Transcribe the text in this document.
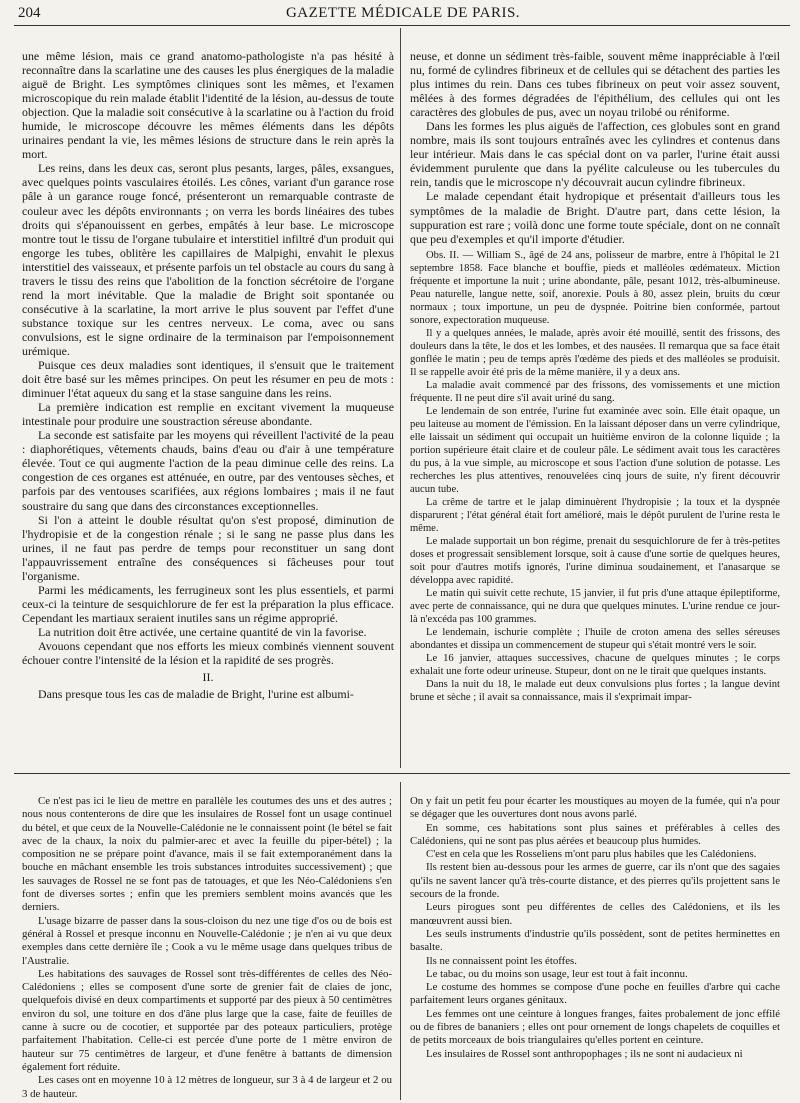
204	GAZETTE MÉDICALE DE PARIS.

une même lésion, mais ce grand anatomo-pathologiste n'a pas hésité à reconnaître dans la scarlatine une des causes les plus énergiques de la maladie aiguë de Bright. Les symptômes cliniques sont les mêmes, et l'examen microscopique du rein malade établit l'identité de la lésion, au-dessus de toute objection. Que la maladie soit consécutive à la scarlatine ou à l'action du froid humide, le microscope découvre les mêmes éléments dans les dépôts urinaires pendant la vie, les mêmes lésions de structure dans le rein après la mort.

Les reins, dans les deux cas, seront plus pesants, larges, pâles, exsangues, avec quelques points vasculaires étoilés. Les cônes, variant d'un garance rose pâle à un garance rouge foncé, présenteront un remarquable contraste de couleur avec les dépôts environnants ; on verra les bords linéaires des tubes droits qui s'épanouissent en gerbes, empâtés à leur base. Le microscope montre tout le tissu de l'organe tubulaire et interstitiel infiltré d'un produit qui engorge les tubes, oblitère les capillaires de Malpighi, envahit le plexus interstitiel des vaisseaux, et présente parfois un tel obstacle au cours du sang à travers le tissu des reins que l'abolition de la fonction sécrétoire de l'organe rend la mort inévitable. Que la maladie de Bright soit spontanée ou consécutive à la scarlatine, la mort arrive le plus souvent par l'effet d'une substance toxique sur les centres nerveux. Le coma, avec ou sans convulsions, est le signe ordinaire de la terminaison par l'empoisonnement urémique.

Puisque ces deux maladies sont identiques, il s'ensuit que le traitement doit être basé sur les mêmes principes. On peut les résumer en peu de mots : diminuer l'état aqueux du sang et la stase sanguine dans les reins.

La première indication est remplie en excitant vivement la muqueuse intestinale pour produire une soustraction séreuse abondante.

La seconde est satisfaite par les moyens qui réveillent l'activité de la peau : diaphorétiques, vêtements chauds, bains d'eau ou d'air à une température élevée. Tout ce qui augmente l'action de la peau diminue celle des reins. La congestion de ces organes est atténuée, en outre, par des ventouses sèches, et parfois par des ventouses scarifiées, aux régions lombaires ; mais il ne faut soustraire du sang que dans des circonstances exceptionnelles.

Si l'on a atteint le double résultat qu'on s'est proposé, diminution de l'hydropisie et de la congestion rénale ; si le sang ne passe plus dans les urines, il ne faut pas perdre de temps pour reconstituer un sang dont l'appauvrissement entraîne des conséquences si fâcheuses pour tout l'organisme.

Parmi les médicaments, les ferrugineux sont les plus essentiels, et parmi ceux-ci la teinture de sesquichlorure de fer est la préparation la plus efficace. Cependant les martiaux seraient inutiles sans un régime approprié.

La nutrition doit être activée, une certaine quantité de vin la favorise.

Avouons cependant que nos efforts les mieux combinés viennent souvent échouer contre l'intensité de la lésion et la rapidité de ses progrès.

II.

Dans presque tous les cas de maladie de Bright, l'urine est albumi-

neuse, et donne un sédiment très-faible, souvent même inappréciable à l'œil nu, formé de cylindres fibrineux et de cellules qui se détachent des parties les plus intimes du rein. Dans ces tubes fibrineux on peut voir assez souvent, mêlées à des formes dégradées de l'épithélium, des cellules qui ont les caractères des globules de pus, avec un noyau trilobé ou réniforme.

Dans les formes les plus aiguës de l'affection, ces globules sont en grand nombre, mais ils sont toujours entraînés avec les cylindres et contenus dans leur intérieur. Mais dans le cas spécial dont on va parler, l'urine était aussi évidemment purulente que dans la pyélite calculeuse ou les tubercules du rein, tandis que le microscope n'y découvrait aucun cylindre fibrineux.

Le malade cependant était hydropique et présentait d'ailleurs tous les symptômes de la maladie de Bright. D'autre part, dans cette lésion, la suppuration est rare ; voilà donc une forme toute spéciale, dont on ne connaît que peu d'exemples et qu'il importe d'étudier.

Obs. II. — William S., âgé de 24 ans, polisseur de marbre, entre à l'hôpital le 21 septembre 1858. Face blanche et bouffie, pieds et malléoles œdémateux. Miction fréquente et importune la nuit ; urine abondante, pâle, pesant 1012, très-albumineuse. Peau naturelle, langue nette, soif, anorexie. Pouls à 80, assez plein, bruits du cœur normaux ; toux importune, un peu de dyspnée. Poitrine bien conformée, partout sonore, expectoration muqueuse.

Il y a quelques années, le malade, après avoir été mouillé, sentit des frissons, des douleurs dans la tête, le dos et les lombes, et des nausées. Il remarqua que sa face était gonflée le matin ; peu de temps après l'œdème des pieds et des malléoles se produisit. Il se rappelle avoir été pris de la même manière, il y a deux ans.

La maladie avait commencé par des frissons, des vomissements et une miction fréquente. Il ne peut dire s'il avait uriné du sang.

Le lendemain de son entrée, l'urine fut examinée avec soin. Elle était opaque, un peu laiteuse au moment de l'émission. En la laissant déposer dans un verre cylindrique, elle laissait un sédiment qui occupait un huitième environ de la colonne liquide ; la portion supérieure était claire et de couleur pâle. Le sédiment avait tous les caractères du pus, à la vue simple, au microscope et sous l'action d'une solution de potasse. Les recherches les plus attentives, renouvelées cinq jours de suite, n'y firent découvrir aucun tube.

La crême de tartre et le jalap diminuèrent l'hydropisie ; la toux et la dyspnée disparurent ; l'état général était fort amélioré, mais le dépôt purulent de l'urine resta le même.

Le malade supportait un bon régime, prenait du sesquichlorure de fer à très-petites doses et progressait sensiblement lorsque, soit à cause d'une sortie de quelques heures, soit pour d'autres motifs ignorés, l'urine diminua soudainement, et l'anasarque se développa avec rapidité.

Le matin qui suivit cette rechute, 15 janvier, il fut pris d'une attaque épileptiforme, avec perte de connaissance, qui ne dura que quelques minutes. L'urine rendue ce jour-là n'excéda pas 100 grammes.

Le lendemain, ischurie complète ; l'huile de croton amena des selles séreuses abondantes et dissipa un commencement de stupeur qui s'était montré vers le soir.

Le 16 janvier, attaques successives, chacune de quelques minutes ; le corps exhalait une forte odeur urineuse. Stupeur, dont on ne le tirait que quelques instants.

Dans la nuit du 18, le malade eut deux convulsions plus fortes ; la langue devint brune et sèche ; il avait sa connaissance, mais il s'exprimait impar-

Ce n'est pas ici le lieu de mettre en parallèle les coutumes des uns et des autres ; nous nous contenterons de dire que les insulaires de Rossel font un usage continuel du bétel, et que ceux de la Nouvelle-Calédonie ne le connaissent point (le bétel se fait avec de la chaux, la noix du palmier-arec et avec la feuille du piper-bétel) ; la composition ne se prépare point d'avance, mais il se fait extemporanément dans la bouche en mâchant ensemble les trois substances introduites successivement) ; que les sauvages de Rossel ne se font pas de tatouages, et que les Néo-Calédoniens s'en font de diverses sortes ; enfin que les premiers semblent moins avancés que les derniers.

L'usage bizarre de passer dans la sous-cloison du nez une tige d'os ou de bois est général à Rossel et presque inconnu en Nouvelle-Calédonie ; je n'en ai vu que deux exemples dans cette dernière île ; Cook a vu le même usage dans quelques tribus de l'Australie.

Les habitations des sauvages de Rossel sont très-différentes de celles des Néo-Calédoniens ; elles se composent d'une sorte de grenier fait de claies de jonc, quelquefois divisé en deux compartiments et supporté par des pieux à 50 centimètres environ du sol, une toiture en dos d'âne plus large que la case, faite de feuilles de canne à sucre ou de cocotier, et supportée par des poteaux particuliers, protège parfaitement l'habitation. Celle-ci est percée d'une porte de 1 mètre environ de hauteur sur 75 centimètres de largeur, et d'une fenêtre à battants de dimension également fort réduite.

Les cases ont en moyenne 10 à 12 mètres de longueur, sur 3 à 4 de largeur et 2 ou 3 de hauteur.

On y fait un petit feu pour écarter les moustiques au moyen de la fumée, qui n'a pour se dégager que les ouvertures dont nous avons parlé.

En somme, ces habitations sont plus saines et préférables à celles des Calédoniens, qui ne sont pas plus aérées et beaucoup plus humides.

C'est en cela que les Rosseliens m'ont paru plus habiles que les Calédoniens.

Ils restent bien au-dessous pour les armes de guerre, car ils n'ont que des sagaies qu'ils ne savent lancer qu'à très-courte distance, et des pierres qu'ils projettent sans le secours de la fronde.

Leurs pirogues sont peu différentes de celles des Calédoniens, et ils les manœuvrent aussi bien.

Les seuls instruments d'industrie qu'ils possèdent, sont de petites herminettes en basalte.

Ils ne connaissent point les étoffes.

Le tabac, ou du moins son usage, leur est tout à fait inconnu.

Le costume des hommes se compose d'une poche en feuilles d'arbre qui cache parfaitement leurs organes génitaux.

Les femmes ont une ceinture à longues franges, faites probalement de jonc effilé ou de fibres de bananiers ; elles ont pour ornement de longs chapelets de coquilles et de petits morceaux de bois triangulaires qu'elles portent en ceinture.

Les insulaires de Rossel sont anthropophages ; ils ne sont ni audacieux ni
